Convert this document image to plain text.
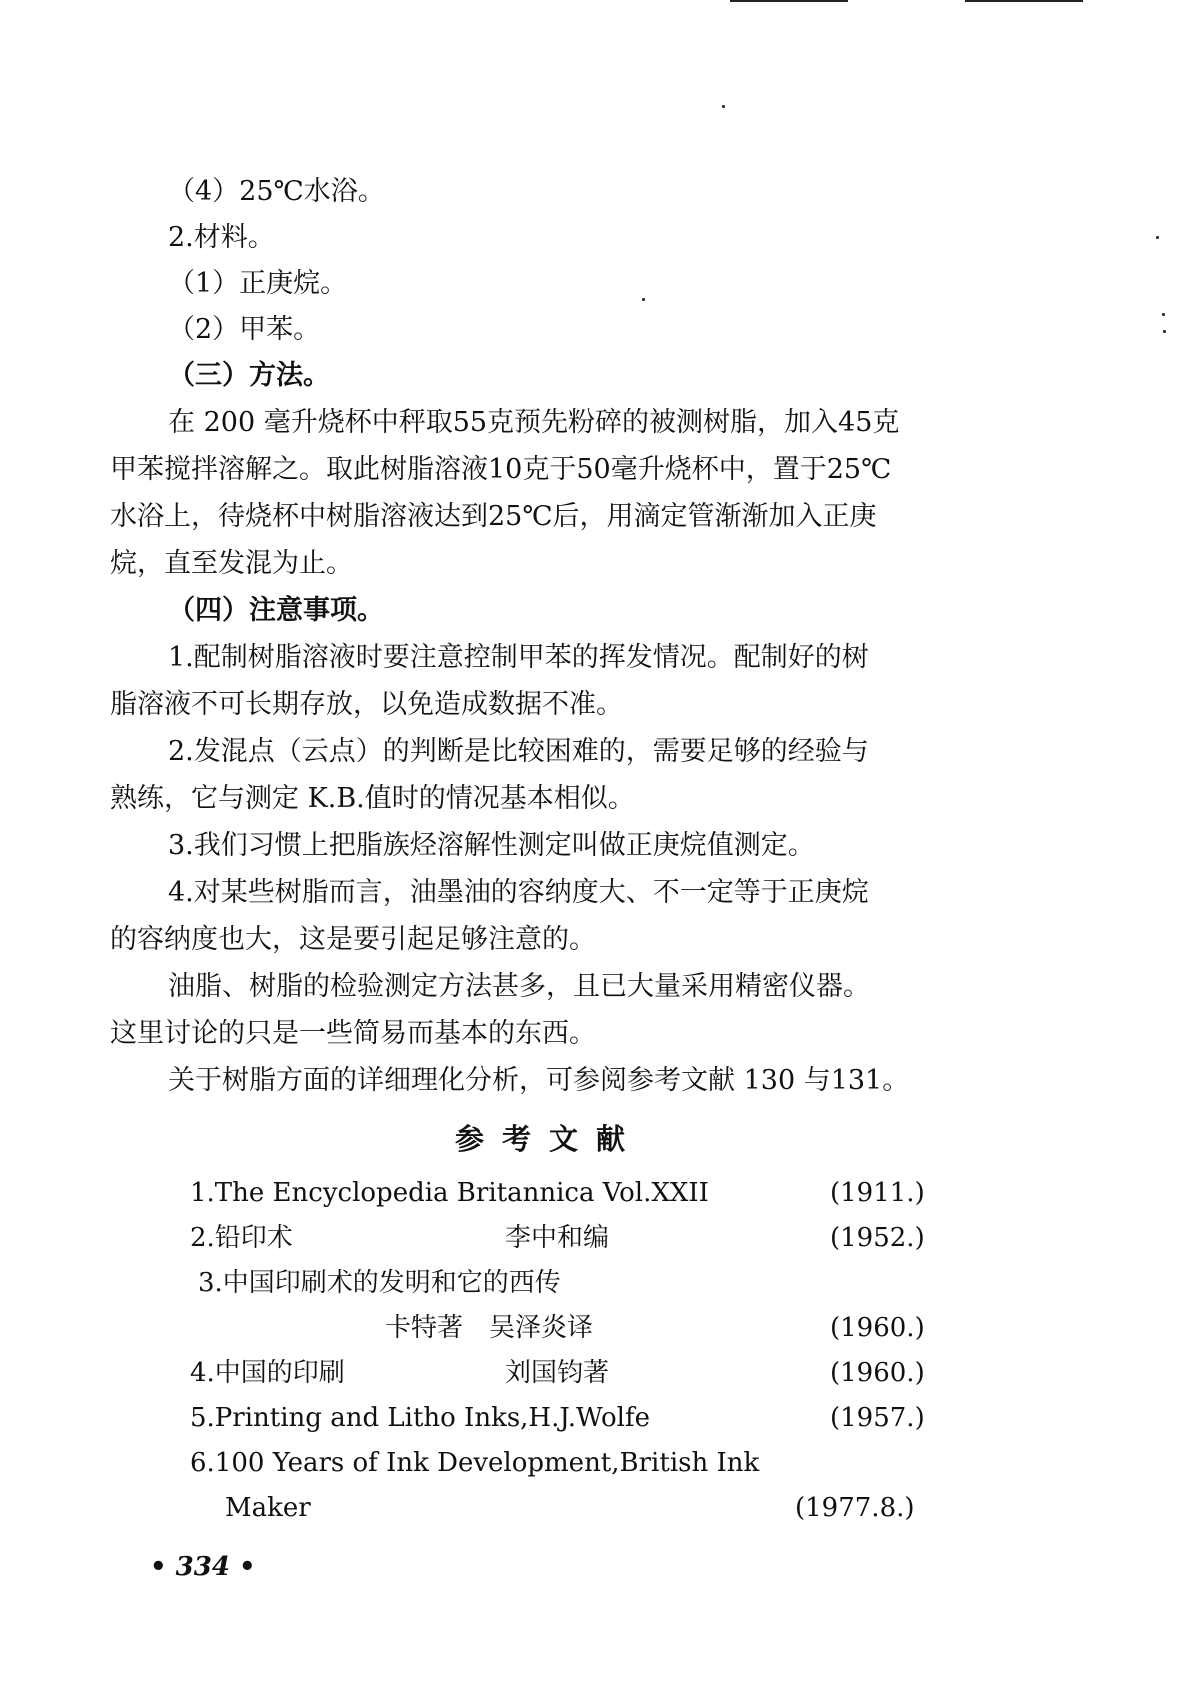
（4）25℃水浴。
2.材料。
（1）正庚烷。
（2）甲苯。
（三）方法。
在 200 毫升烧杯中秤取55克预先粉碎的被测树脂，加入45克
甲苯搅拌溶解之。取此树脂溶液10克于50毫升烧杯中，置于25℃
水浴上，待烧杯中树脂溶液达到25℃后，用滴定管渐渐加入正庚
烷，直至发混为止。
（四）注意事项。
1.配制树脂溶液时要注意控制甲苯的挥发情况。配制好的树
脂溶液不可长期存放，以免造成数据不准。
2.发混点（云点）的判断是比较困难的，需要足够的经验与
熟练，它与测定 K.B.值时的情况基本相似。
3.我们习惯上把脂族烃溶解性测定叫做正庚烷值测定。
4.对某些树脂而言，油墨油的容纳度大、不一定等于正庚烷
的容纳度也大，这是要引起足够注意的。
油脂、树脂的检验测定方法甚多，且已大量采用精密仪器。
这里讨论的只是一些简易而基本的东西。
关于树脂方面的详细理化分析，可参阅参考文献 130 与131。
参考文献
1.The Encyclopedia Britannica Vol.XXII	(1911.)
2.铅印术	李中和编	(1952.)
3.中国印刷术的发明和它的西传
卡特著　吴泽炎译	(1960.)
4.中国的印刷	刘国钧著	(1960.)
5.Printing and Litho Inks,H.J.Wolfe	(1957.)
6.100 Years of Ink Development,British Ink
Maker	(1977.8.)
• 334 •
